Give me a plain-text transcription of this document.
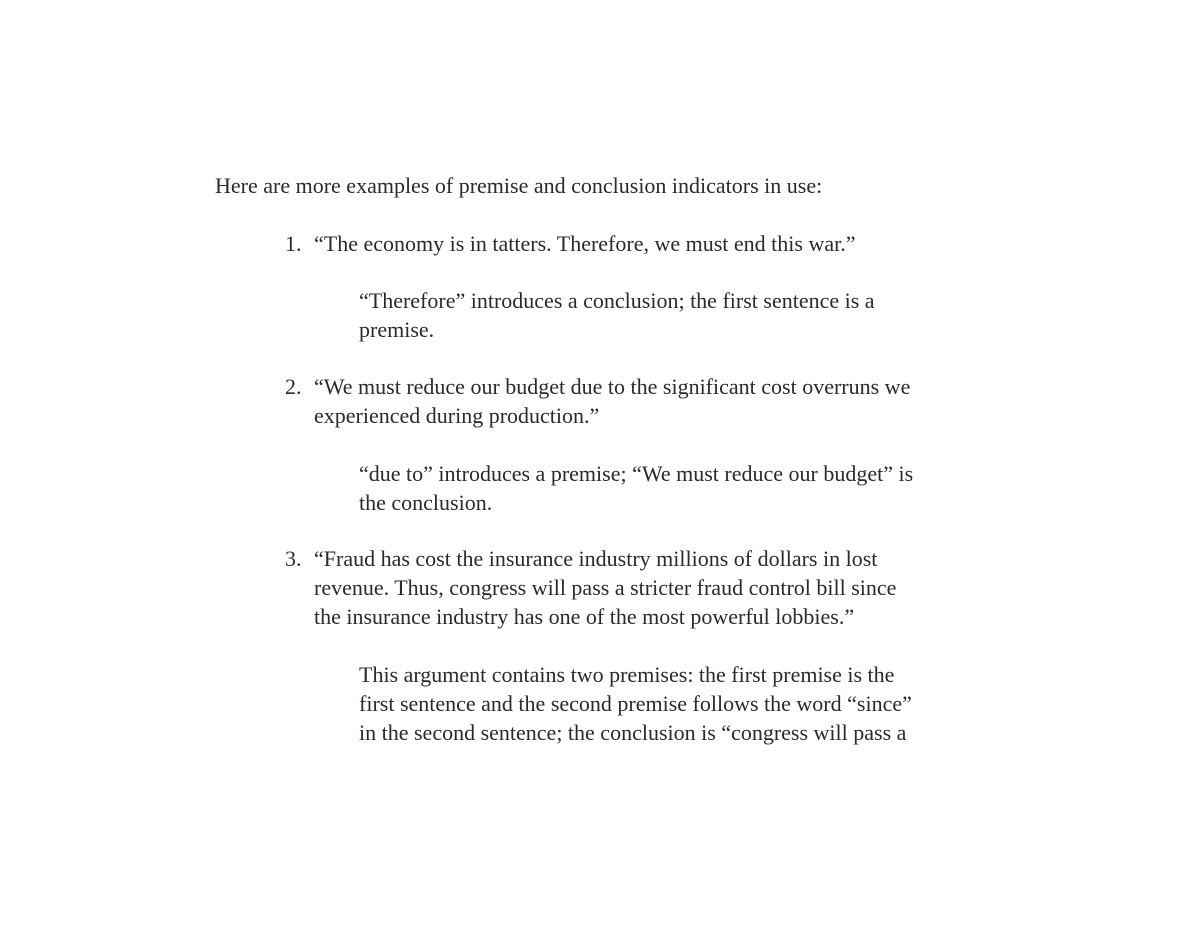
Here are more examples of premise and conclusion indicators in use:

1. “The economy is in tatters. Therefore, we must end this war.”

“Therefore” introduces a conclusion; the first sentence is a
premise.

2. “We must reduce our budget due to the significant cost overruns we
experienced during production.”

“due to” introduces a premise; “We must reduce our budget” is
the conclusion.

3. “Fraud has cost the insurance industry millions of dollars in lost
revenue. Thus, congress will pass a stricter fraud control bill since
the insurance industry has one of the most powerful lobbies.”

This argument contains two premises: the first premise is the
first sentence and the second premise follows the word “since”
in the second sentence; the conclusion is “congress will pass a
